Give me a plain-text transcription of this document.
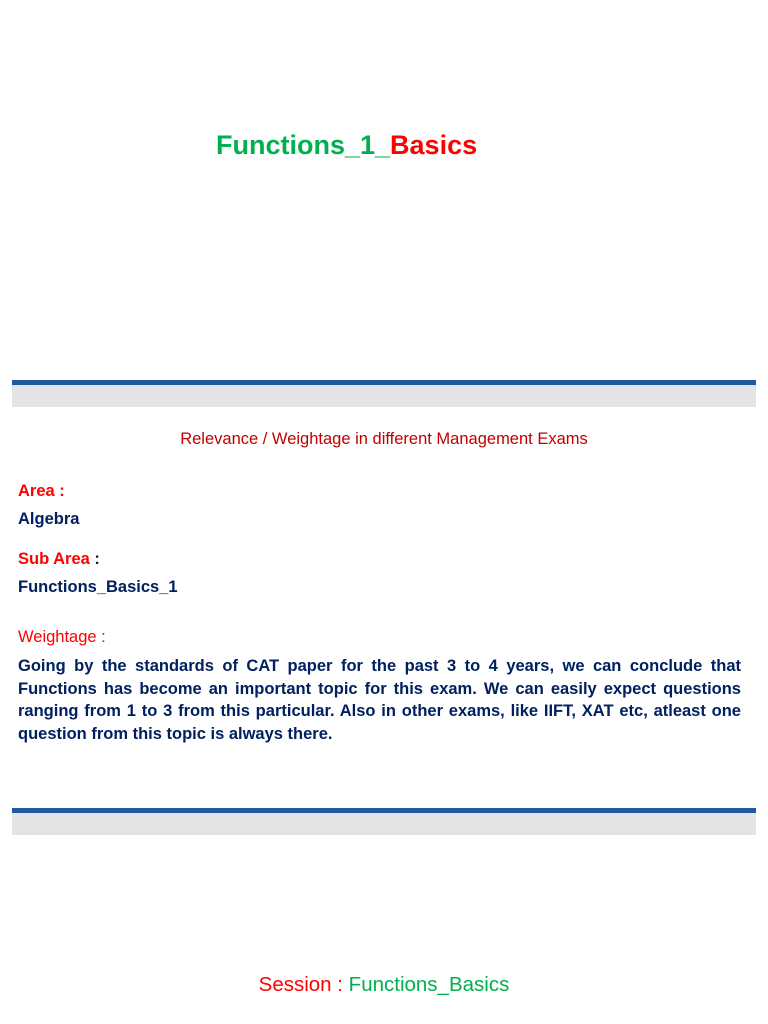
Functions_1_Basics
Relevance / Weightage in different Management Exams
Area :
Algebra
Sub Area :
Functions_Basics_1
Weightage :
Going by the standards of CAT paper for the past 3 to 4 years, we can conclude that Functions has become an important topic for this exam. We can easily expect questions ranging from 1 to 3 from this particular. Also in other exams, like IIFT, XAT etc, atleast one question from this topic is always there.
Session : Functions_Basics
